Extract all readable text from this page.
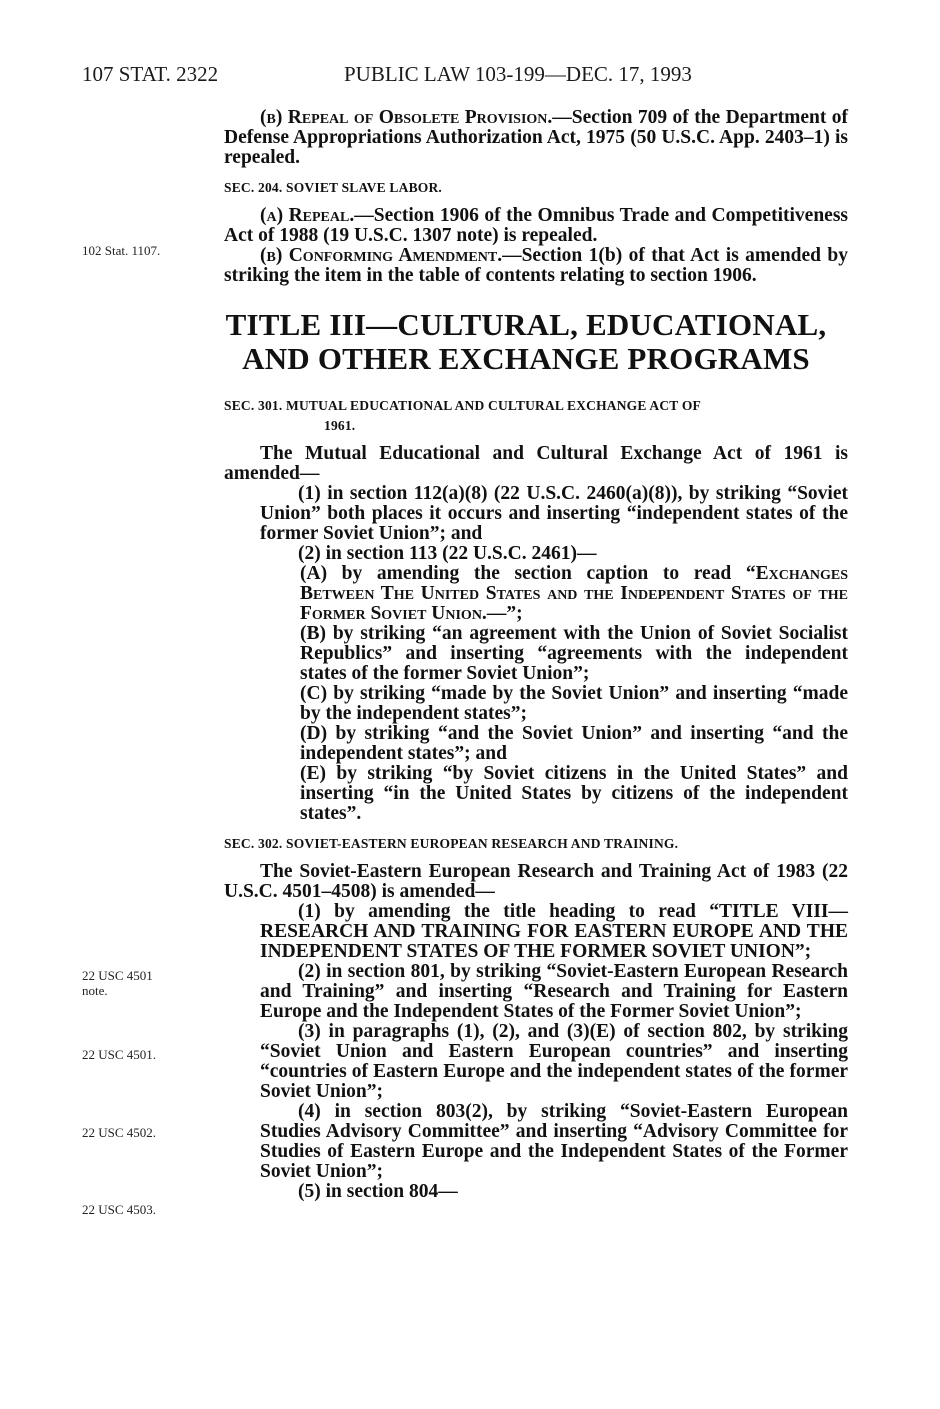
107 STAT. 2322	PUBLIC LAW 103-199—DEC. 17, 1993
102 Stat. 1107.
22 USC 4501
note.
22 USC 4501.
22 USC 4502.
22 USC 4503.

(b) Repeal of Obsolete Provision.—Section 709 of the Department of Defense Appropriations Authorization Act, 1975 (50 U.S.C. App. 2403–1) is repealed.

SEC. 204. SOVIET SLAVE LABOR.

(a) Repeal.—Section 1906 of the Omnibus Trade and Competitiveness Act of 1988 (19 U.S.C. 1307 note) is repealed.

(b) Conforming Amendment.—Section 1(b) of that Act is amended by striking the item in the table of contents relating to section 1906.

TITLE III—CULTURAL, EDUCATIONAL,
AND OTHER EXCHANGE PROGRAMS
SEC. 301. MUTUAL EDUCATIONAL AND CULTURAL EXCHANGE ACT OF
1961.

The Mutual Educational and Cultural Exchange Act of 1961 is amended—

(1) in section 112(a)(8) (22 U.S.C. 2460(a)(8)), by striking “Soviet Union” both places it occurs and inserting “independent states of the former Soviet Union”; and

(2) in section 113 (22 U.S.C. 2461)—

(A) by amending the section caption to read “Exchanges Between The United States and the Independent States of the Former Soviet Union.—”;

(B) by striking “an agreement with the Union of Soviet Socialist Republics” and inserting “agreements with the independent states of the former Soviet Union”;

(C) by striking “made by the Soviet Union” and inserting “made by the independent states”;

(D) by striking “and the Soviet Union” and inserting “and the independent states”; and

(E) by striking “by Soviet citizens in the United States” and inserting “in the United States by citizens of the independent states”.

SEC. 302. SOVIET-EASTERN EUROPEAN RESEARCH AND TRAINING.

The Soviet-Eastern European Research and Training Act of 1983 (22 U.S.C. 4501–4508) is amended—

(1) by amending the title heading to read “TITLE VIII—RESEARCH AND TRAINING FOR EASTERN EUROPE AND THE INDEPENDENT STATES OF THE FORMER SOVIET UNION”;

(2) in section 801, by striking “Soviet-Eastern European Research and Training” and inserting “Research and Training for Eastern Europe and the Independent States of the Former Soviet Union”;

(3) in paragraphs (1), (2), and (3)(E) of section 802, by striking “Soviet Union and Eastern European countries” and inserting “countries of Eastern Europe and the independent states of the former Soviet Union”;

(4) in section 803(2), by striking “Soviet-Eastern European Studies Advisory Committee” and inserting “Advisory Committee for Studies of Eastern Europe and the Independent States of the Former Soviet Union”;

(5) in section 804—
